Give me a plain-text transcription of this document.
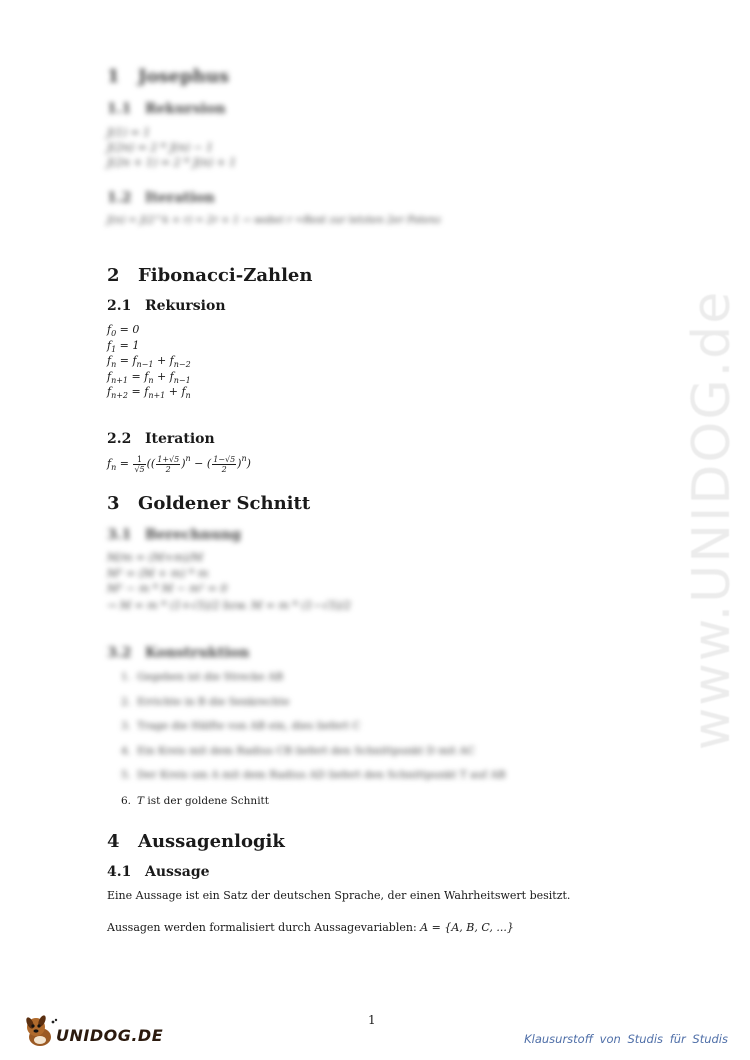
www.UNIDOG.de
1 Josephus
1.1 Rekursion
J(1) = 1
J(2n) = 2 * J(n) − 1
J(2n + 1) = 2 * J(n) + 1
1.2 Iteration
J(n) = J(2^k + r) = 2r + 1 → wobei r =Rest zur letzten 2er Potenz
2 Fibonacci-Zahlen
2.1 Rekursion
$f_0 = 0$
$f_1 = 1$
$f_n = f_{n-1} + f_{n-2}$
$f_{n+1} = f_n + f_{n-1}$
$f_{n+2} = f_{n+1} + f_n$
2.2 Iteration
$f_n = \frac{1}{√5}$ (( $\frac{1+√5}{2} )^n$ − ( $\frac{1-√5}{2} )^n$)
3 Goldener Schnitt
3.1 Berechnung
M/m = (M+m)/M
M² = (M + m) * m
M² − m * M − m² = 0
→ M = m * (1+√5)/2 bzw. M = m * (1−√5)/2
3.2 Konstruktion
1. Gegeben ist die Strecke AB
2. Errichte in B die Senkrechte
3. Trage die Hälfte von AB ein, dies liefert C
4. Ein Kreis mit dem Radius CB liefert den Schnittpunkt D mit AC
5. Der Kreis um A mit dem Radius AD liefert den Schnittpunkt T auf AB
6. T ist der goldene Schnitt
4 Aussagenlogik
4.1 Aussage
Eine Aussage ist ein Satz der deutschen Sprache, der einen Wahrheitswert besitzt.
Aussagen werden formalisiert durch Aussagevariablen: A = {A, B, C, ...}
1
UNIDOG.DE	Klausurstoff von Studis für Studis
